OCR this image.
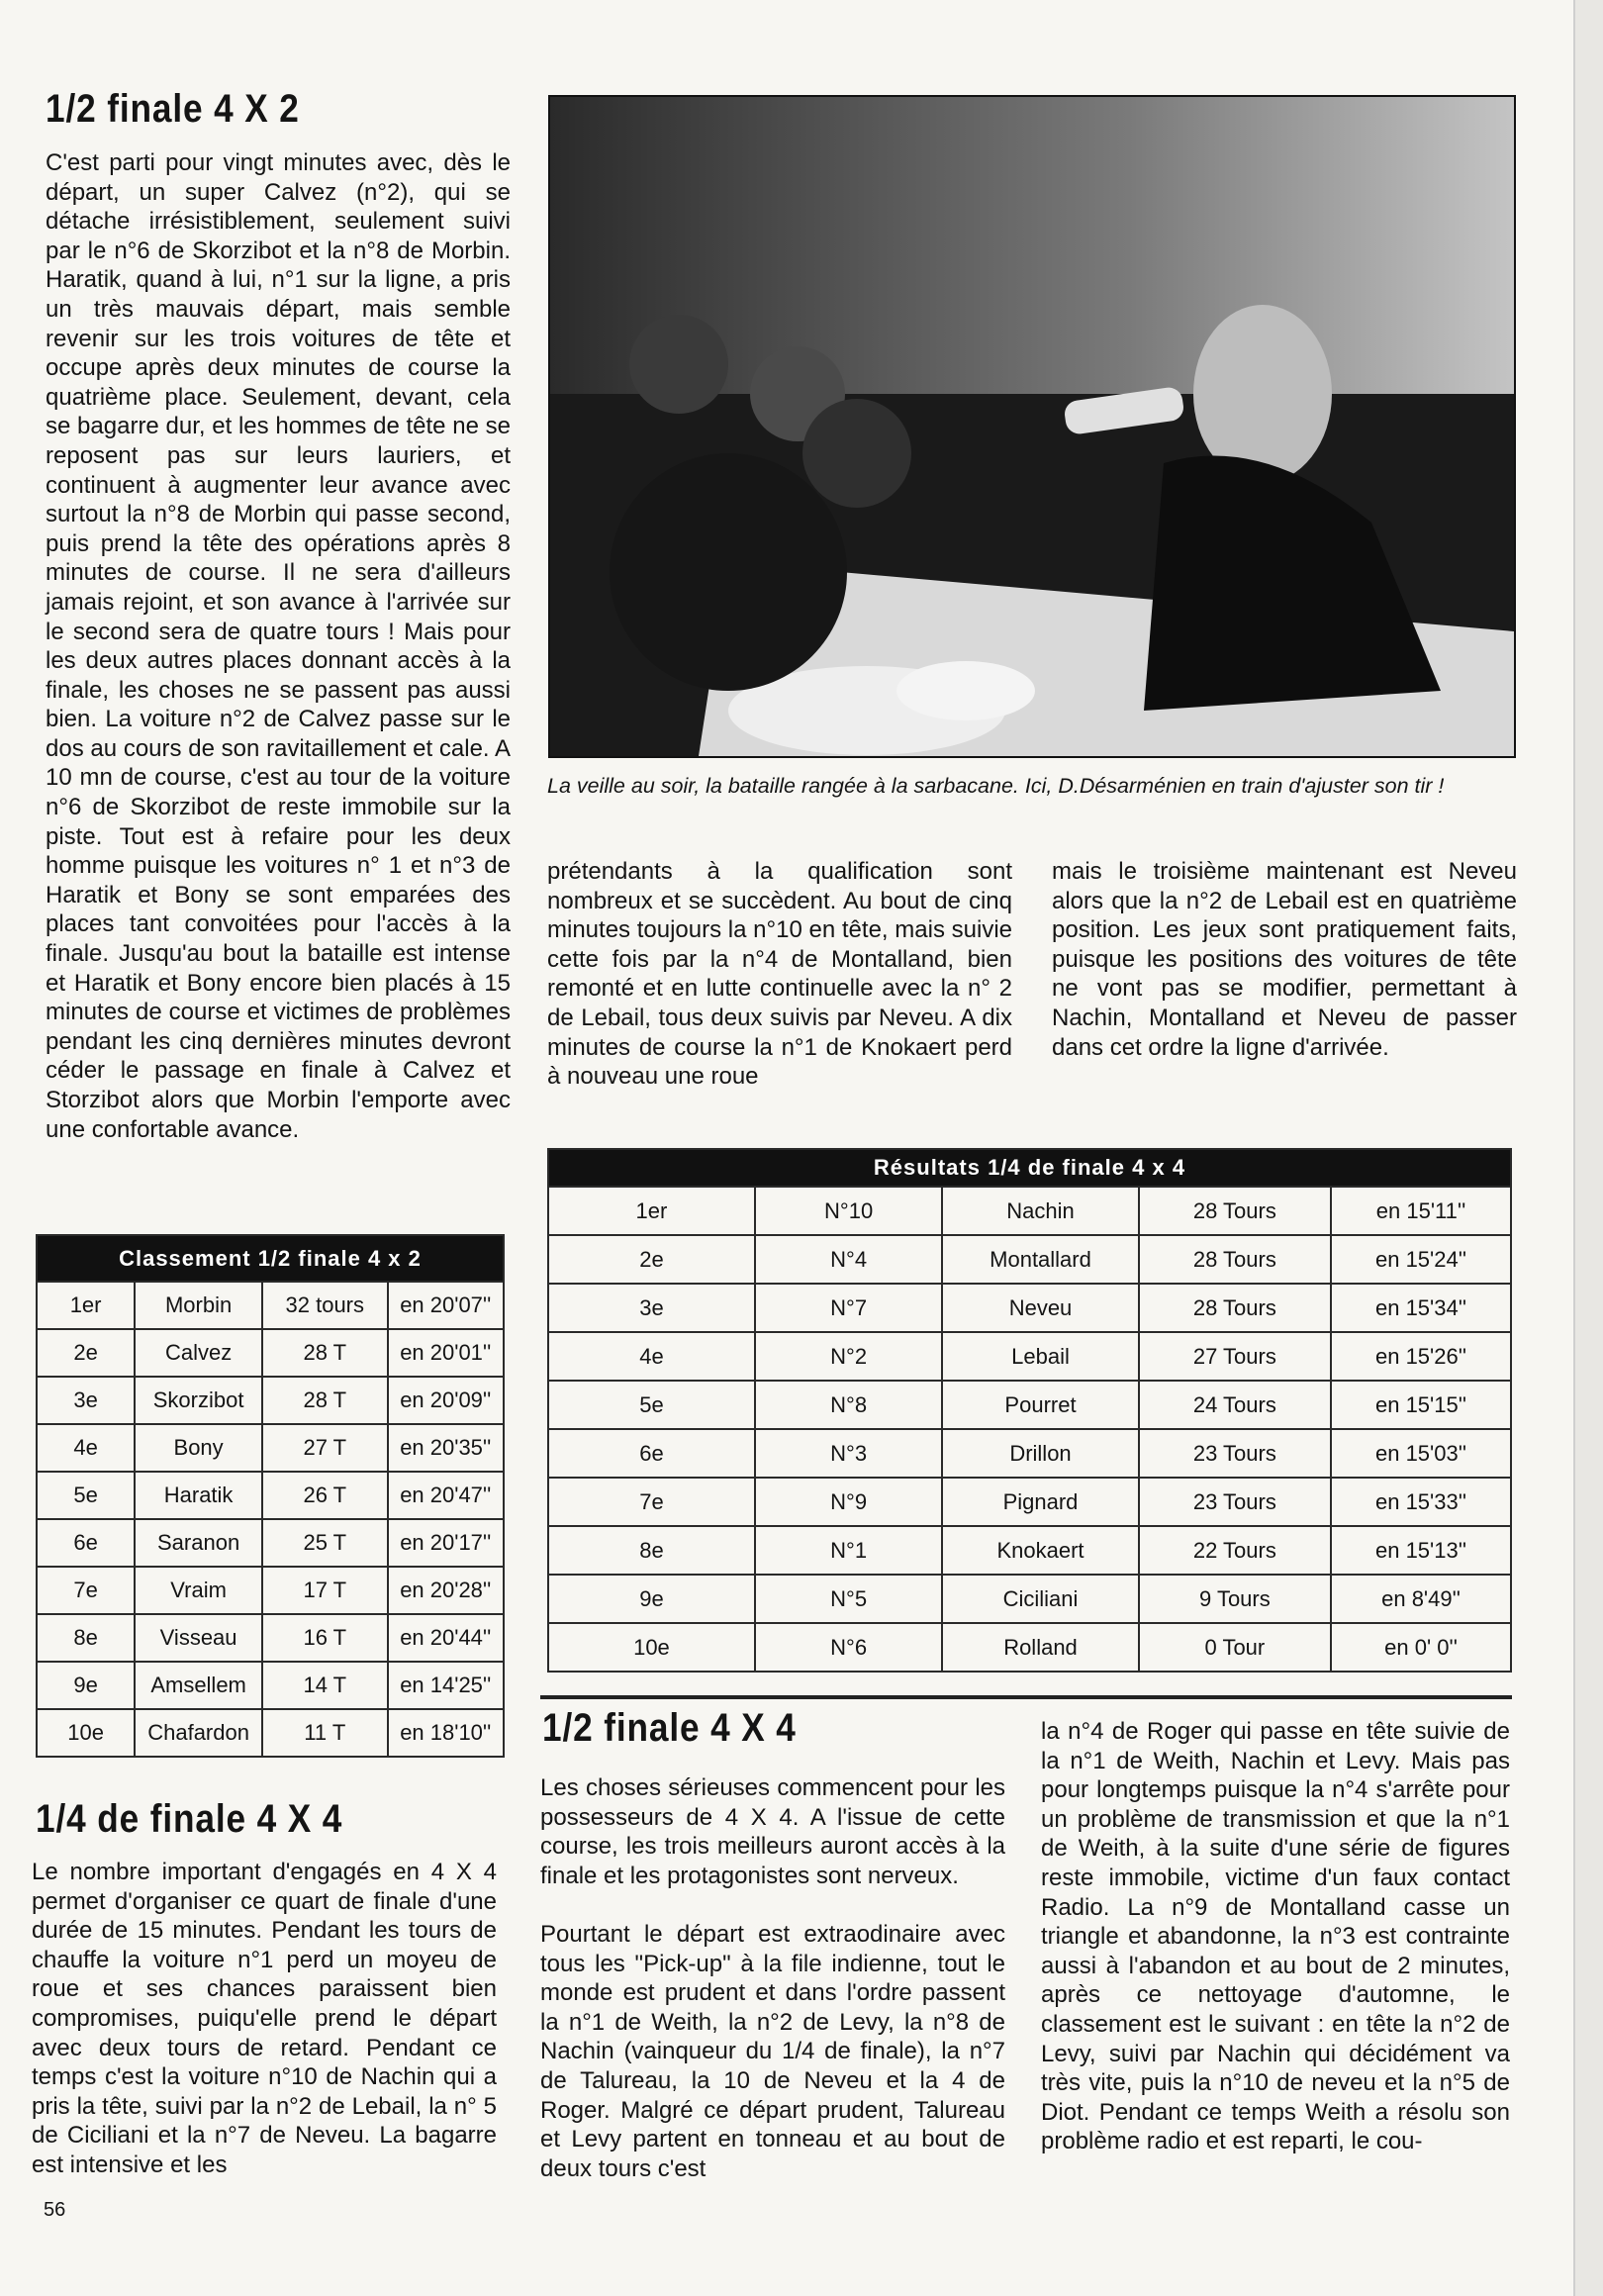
1/2 finale 4 X 2

C'est parti pour vingt minutes avec, dès le départ, un super Calvez (n°2), qui se détache irrésistiblement, seulement suivi par le n°6 de Skorzibot et la n°8 de Morbin. Haratik, quand à lui, n°1 sur la ligne, a pris un très mauvais départ, mais semble revenir sur les trois voitures de tête et occupe après deux minutes de course la quatrième place. Seulement, devant, cela se bagarre dur, et les hommes de tête ne se reposent pas sur leurs lauriers, et continuent à augmenter leur avance avec surtout la n°8 de Morbin qui passe second, puis prend la tête des opérations après 8 minutes de course. Il ne sera d'ailleurs jamais rejoint, et son avance à l'arrivée sur le second sera de quatre tours ! Mais pour les deux autres places donnant accès à la finale, les choses ne se passent pas aussi bien. La voiture n°2 de Calvez passe sur le dos au cours de son ravitaillement et cale. A 10 mn de course, c'est au tour de la voiture n°6 de Skorzibot de reste immobile sur la piste. Tout est à refaire pour les deux homme puisque les voitures n° 1 et n°3 de Haratik et Bony se sont emparées des places tant convoitées pour l'accès à la finale. Jusqu'au bout la bataille est intense et Haratik et Bony encore bien placés à 15 minutes de course et victimes de problèmes pendant les cinq dernières minutes devront céder le passage en finale à Calvez et Storzibot alors que Morbin l'emporte avec une confortable avance.

La veille au soir, la bataille rangée à la sarbacane. Ici, D.Désarménien en train d'ajuster son tir !

prétendants à la qualification sont nombreux et se succèdent. Au bout de cinq minutes toujours la n°10 en tête, mais suivie cette fois par la n°4 de Montalland, bien remonté et en lutte continuelle avec la n° 2 de Lebail, tous deux suivis par Neveu. A dix minutes de course la n°1 de Knokaert perd à nouveau une roue

mais le troisième maintenant est Neveu alors que la n°2 de Lebail est en quatrième position. Les jeux sont pratiquement faits, puisque les positions des voitures de tête ne vont pas se modifier, permettant à Nachin, Montalland et Neveu de passer dans cet ordre la ligne d'arrivée.

Classement 1/2 finale 4 x 2			
1er	Morbin	32 tours	en 20'07''
2e	Calvez	28 T	en 20'01''
3e	Skorzibot	28 T	en 20'09''
4e	Bony	27 T	en 20'35''
5e	Haratik	26 T	en 20'47''
6e	Saranon	25 T	en 20'17''
7e	Vraim	17 T	en 20'28''
8e	Visseau	16 T	en 20'44''
9e	Amsellem	14 T	en 14'25''
10e	Chafardon	11 T	en 18'10''
Résultats 1/4 de finale 4 x 4				
1er	N°10	Nachin	28 Tours	en 15'11''
2e	N°4	Montallard	28 Tours	en 15'24''
3e	N°7	Neveu	28 Tours	en 15'34''
4e	N°2	Lebail	27 Tours	en 15'26''
5e	N°8	Pourret	24 Tours	en 15'15''
6e	N°3	Drillon	23 Tours	en 15'03''
7e	N°9	Pignard	23 Tours	en 15'33''
8e	N°1	Knokaert	22 Tours	en 15'13''
9e	N°5	Ciciliani	9 Tours	en 8'49''
10e	N°6	Rolland	0 Tour	en 0' 0''
1/4 de finale 4 X 4

Le nombre important d'engagés en 4 X 4 permet d'organiser ce quart de finale d'une durée de 15 minutes. Pendant les tours de chauffe la voiture n°1 perd un moyeu de roue et ses chances paraissent bien compromises, puiqu'elle prend le départ avec deux tours de retard. Pendant ce temps c'est la voiture n°10 de Nachin qui a pris la tête, suivi par la n°2 de Lebail, la n° 5 de Ciciliani et la n°7 de Neveu. La bagarre est intensive et les

1/2 finale 4 X 4

Les choses sérieuses commencent pour les possesseurs de 4 X 4. A l'issue de cette course, les trois meilleurs auront accès à la finale et les protagonistes sont nerveux.

Pourtant le départ est extraodinaire avec tous les "Pick-up" à la file indienne, tout le monde est prudent et dans l'ordre passent la n°1 de Weith, la n°2 de Levy, la n°8 de Nachin (vainqueur du 1/4 de finale), la n°7 de Talureau, la 10 de Neveu et la 4 de Roger. Malgré ce départ prudent, Talureau et Levy partent en tonneau et au bout de deux tours c'est

la n°4 de Roger qui passe en tête suivie de la n°1 de Weith, Nachin et Levy. Mais pas pour longtemps puisque la n°4 s'arrête pour un problème de transmission et que la n°1 de Weith, à la suite d'une série de figures reste immobile, victime d'un faux contact Radio. La n°9 de Montalland casse un triangle et abandonne, la n°3 est contrainte aussi à l'abandon et au bout de 2 minutes, après ce nettoyage d'automne, le classement est le suivant : en tête la n°2 de Levy, suivi par Nachin qui décidément va très vite, puis la n°10 de neveu et la n°5 de Diot. Pendant ce temps Weith a résolu son problème radio et est reparti, le cou-

56
